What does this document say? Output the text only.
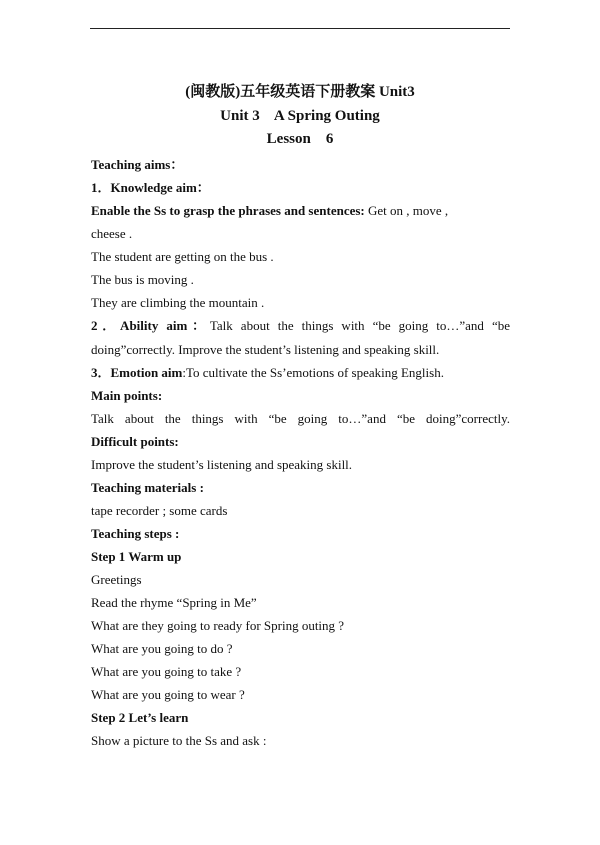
(闽教版)五年级英语下册教案 Unit3
Unit 3    A Spring Outing
Lesson    6
Teaching aims：
1．Knowledge aim：
Enable the Ss to grasp the phrases and sentences: Get on , move ,
cheese .
The student are getting on the bus .
The bus is moving .
They are climbing the mountain .
2．Ability aim：Talk about the things with “be going to…”and “be
doing”correctly. Improve the student’s listening and speaking skill.
3．Emotion aim:To cultivate the Ss’emotions of speaking English.
Main points:
Talk about the things with “be going to…”and “be doing”correctly.
Difficult points:
Improve the student’s listening and speaking skill.
Teaching materials :
tape recorder ; some cards
Teaching steps :
Step 1 Warm up
Greetings
Read the rhyme “Spring in Me”
What are they going to ready for Spring outing ?
What are you going to do ?
What are you going to take ?
What are you going to wear ?
Step 2 Let’s learn
Show a picture to the Ss and ask :
